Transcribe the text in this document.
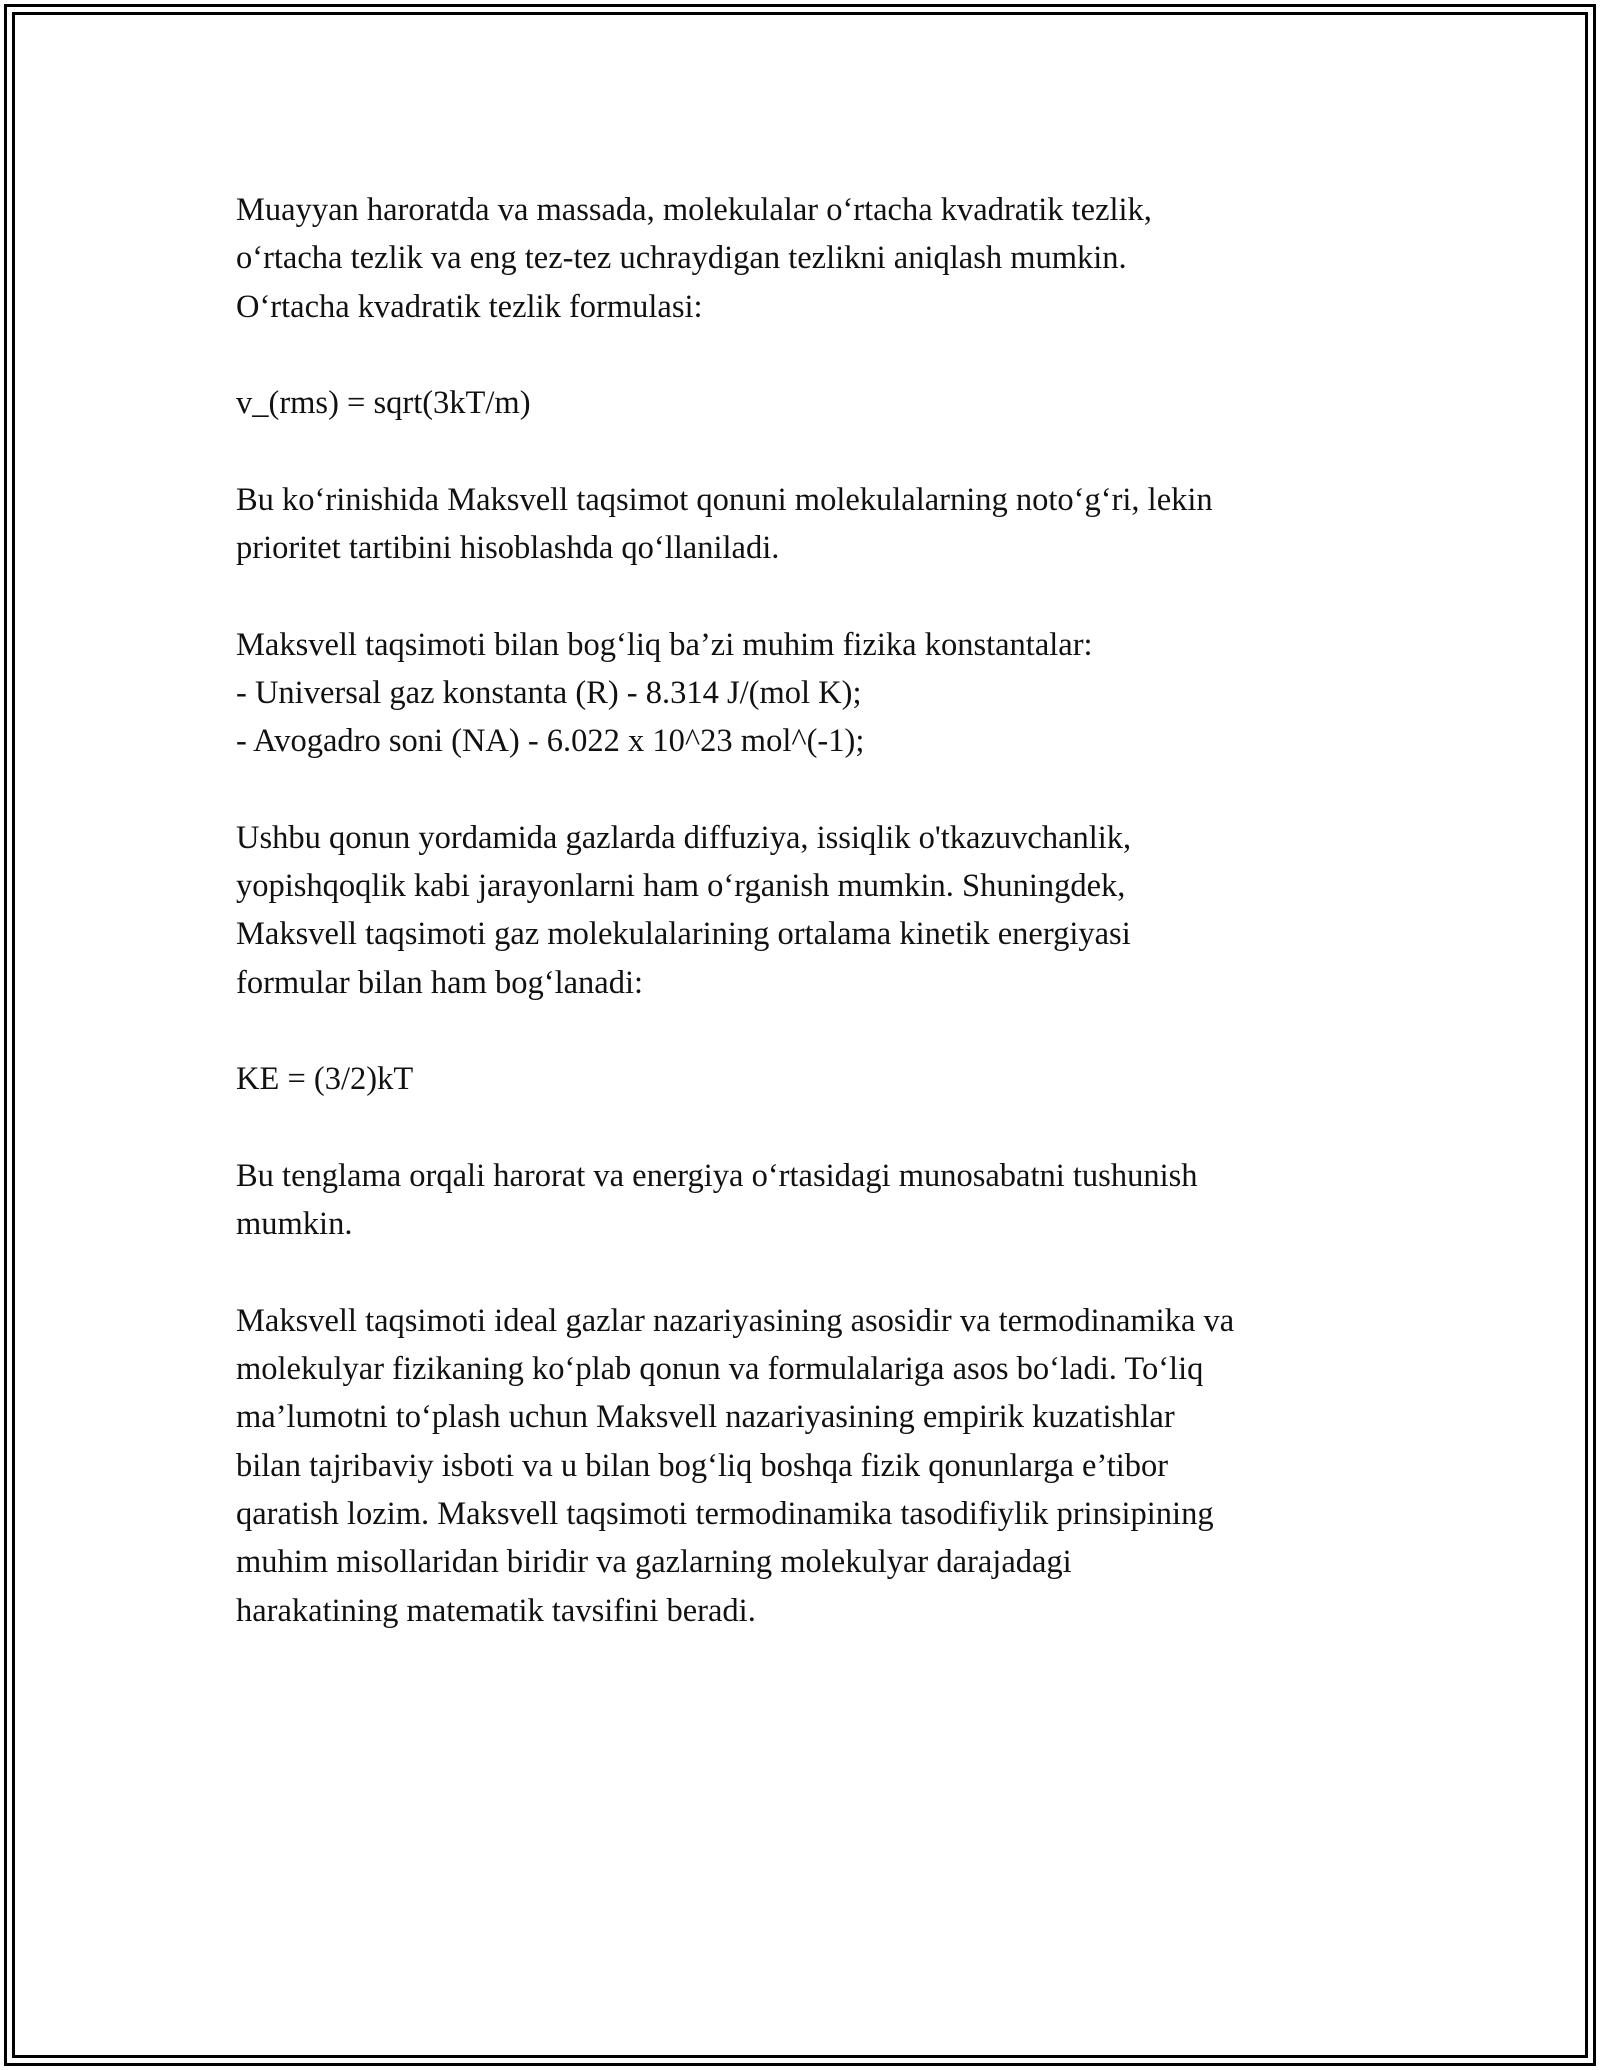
Muayyan haroratda va massada, molekulalar o‘rtacha kvadratik tezlik,
o‘rtacha tezlik va eng tez-tez uchraydigan tezlikni aniqlash mumkin.
O‘rtacha kvadratik tezlik formulasi:
v_(rms) = sqrt(3kT/m)
Bu ko‘rinishida Maksvell taqsimot qonuni molekulalarning noto‘g‘ri, lekin
prioritet tartibini hisoblashda qo‘llaniladi.
Maksvell taqsimoti bilan bog‘liq ba’zi muhim fizika konstantalar:
- Universal gaz konstanta (R) - 8.314 J/(mol K);
- Avogadro soni (NA) - 6.022 x 10^23 mol^(-1);
Ushbu qonun yordamida gazlarda diffuziya, issiqlik o'tkazuvchanlik,
yopishqoqlik kabi jarayonlarni ham o‘rganish mumkin. Shuningdek,
Maksvell taqsimoti gaz molekulalarining ortalama kinetik energiyasi
formular bilan ham bog‘lanadi:
KE = (3/2)kT
Bu tenglama orqali harorat va energiya o‘rtasidagi munosabatni tushunish
mumkin.
Maksvell taqsimoti ideal gazlar nazariyasining asosidir va termodinamika va
molekulyar fizikaning ko‘plab qonun va formulalariga asos bo‘ladi. To‘liq
ma’lumotni to‘plash uchun Maksvell nazariyasining empirik kuzatishlar
bilan tajribaviy isboti va u bilan bog‘liq boshqa fizik qonunlarga e’tibor
qaratish lozim. Maksvell taqsimoti termodinamika tasodifiylik prinsipining
muhim misollaridan biridir va gazlarning molekulyar darajadagi
harakatining matematik tavsifini beradi.
